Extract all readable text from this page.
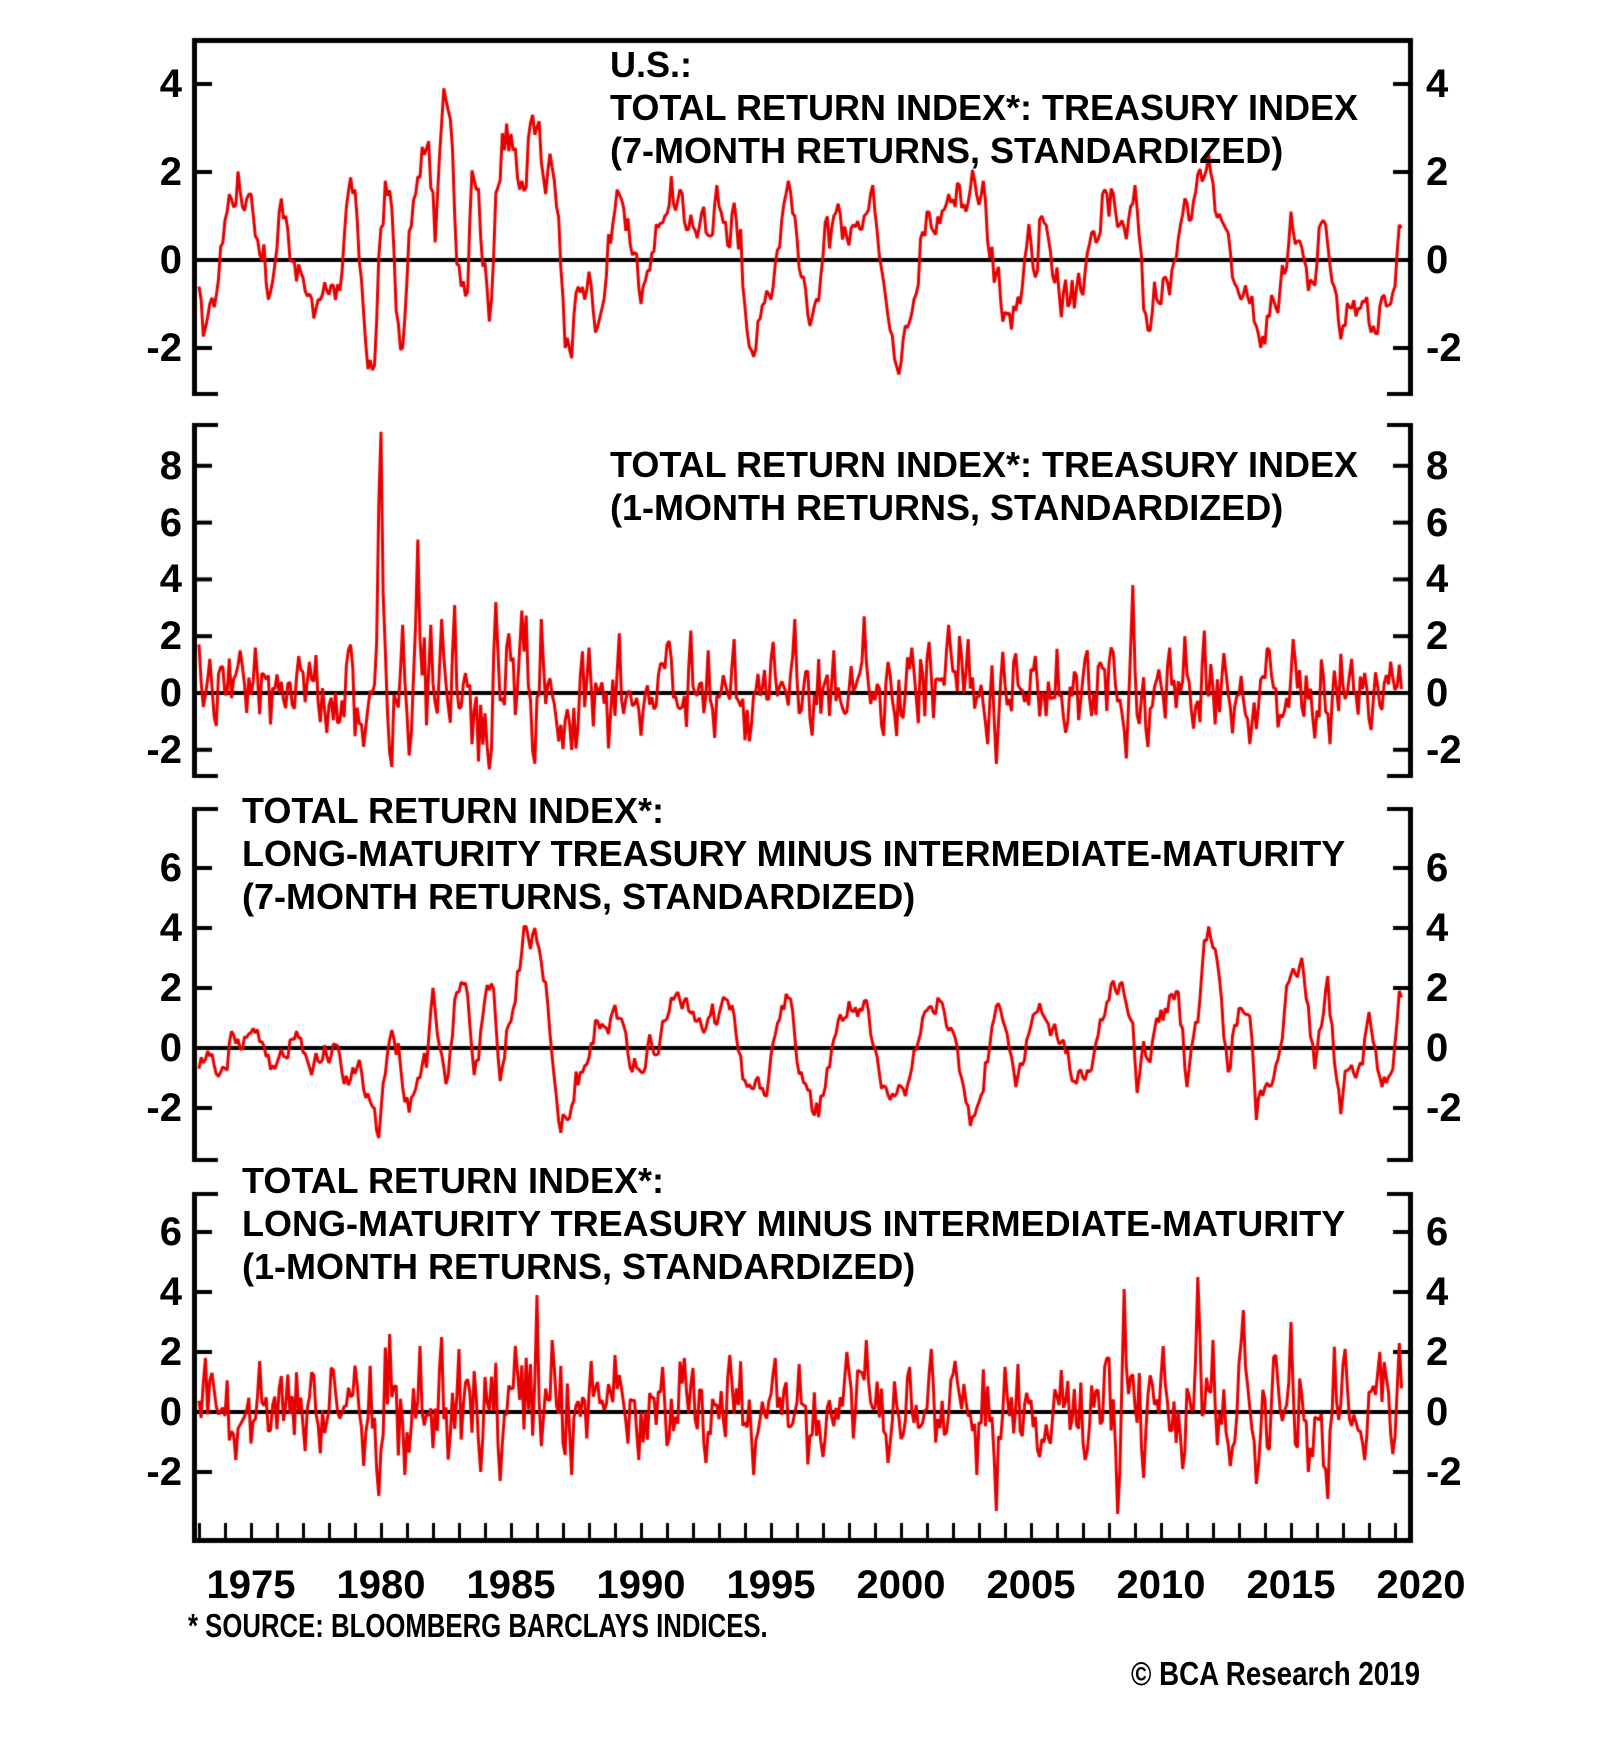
U.S.:
TOTAL RETURN INDEX*: TREASURY INDEX
(7-MONTH RETURNS, STANDARDIZED)
TOTAL RETURN INDEX*: TREASURY INDEX
(1-MONTH RETURNS, STANDARDIZED)
TOTAL RETURN INDEX*:
LONG-MATURITY TREASURY MINUS INTERMEDIATE-MATURITY
(7-MONTH RETURNS, STANDARDIZED)
TOTAL RETURN INDEX*:
LONG-MATURITY TREASURY MINUS INTERMEDIATE-MATURITY
(1-MONTH RETURNS, STANDARDIZED)
4	4
2	2
0	0
-2	-2
8	8
6	6
4	4
2	2
0	0
-2	-2
6	6
4	4
2	2
0	0
-2	-2
6	6
4	4
2	2
0	0
-2	-2
1975	1980	1985	1990	1995	2000	2005	2010	2015	2020
* SOURCE: BLOOMBERG BARCLAYS INDICES.
© BCA Research 2019
